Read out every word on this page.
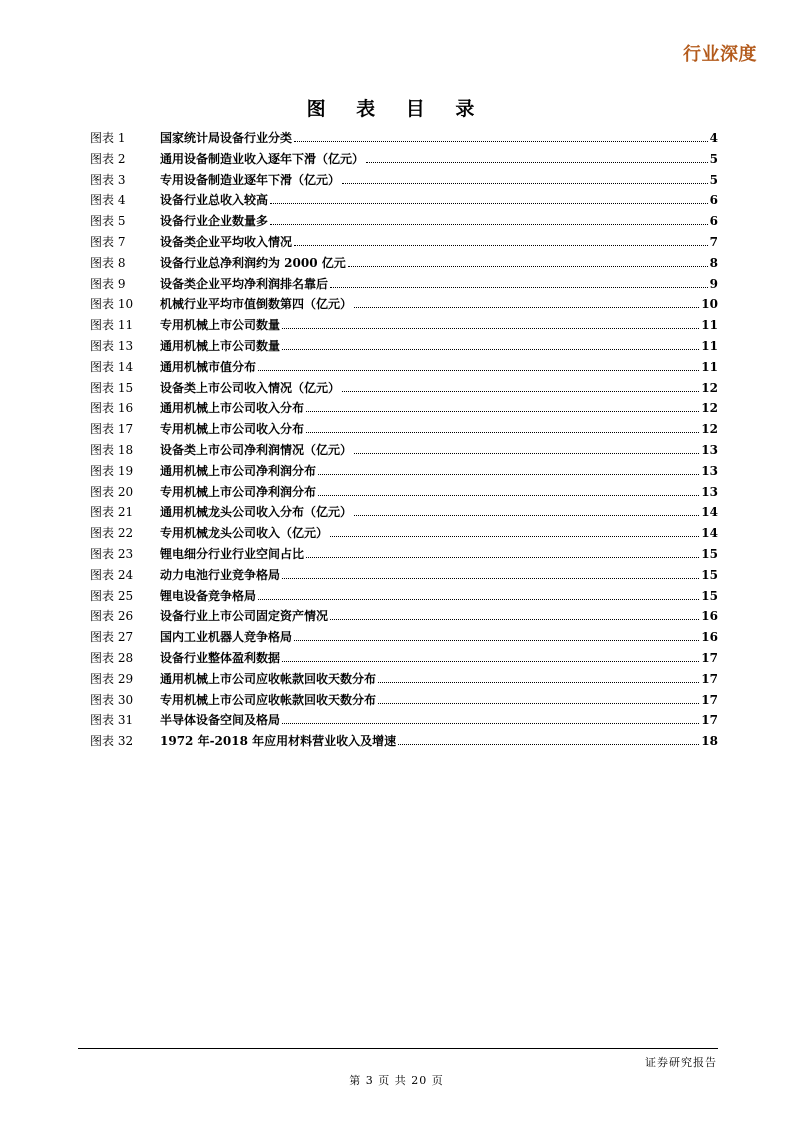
行业深度
图 表 目 录
图表 1	国家统计局设备行业分类	4
图表 2	通用设备制造业收入逐年下滑（亿元）	5
图表 3	专用设备制造业逐年下滑（亿元）	5
图表 4	设备行业总收入较高	6
图表 5	设备行业企业数量多	6
图表 7	设备类企业平均收入情况	7
图表 8	设备行业总净利润约为 2000 亿元	8
图表 9	设备类企业平均净利润排名靠后	9
图表 10	机械行业平均市值倒数第四（亿元）	10
图表 11	专用机械上市公司数量	11
图表 13	通用机械上市公司数量	11
图表 14	通用机械市值分布	11
图表 15	设备类上市公司收入情况（亿元）	12
图表 16	通用机械上市公司收入分布	12
图表 17	专用机械上市公司收入分布	12
图表 18	设备类上市公司净利润情况（亿元）	13
图表 19	通用机械上市公司净利润分布	13
图表 20	专用机械上市公司净利润分布	13
图表 21	通用机械龙头公司收入分布（亿元）	14
图表 22	专用机械龙头公司收入（亿元）	14
图表 23	锂电细分行业行业空间占比	15
图表 24	动力电池行业竞争格局	15
图表 25	锂电设备竞争格局	15
图表 26	设备行业上市公司固定资产情况	16
图表 27	国内工业机器人竞争格局	16
图表 28	设备行业整体盈利数据	17
图表 29	通用机械上市公司应收帐款回收天数分布	17
图表 30	专用机械上市公司应收帐款回收天数分布	17
图表 31	半导体设备空间及格局	17
图表 32	1972 年-2018 年应用材料营业收入及增速	18
证券研究报告
第 3 页 共 20 页
